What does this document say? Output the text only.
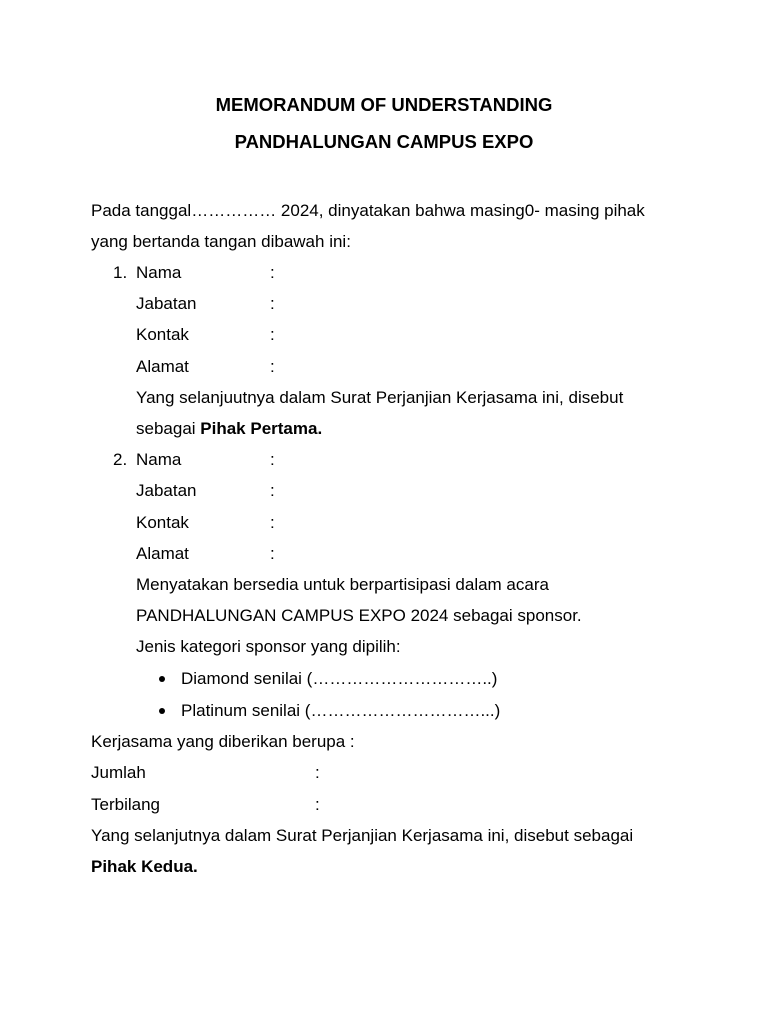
MEMORANDUM OF UNDERSTANDING
PANDHALUNGAN CAMPUS EXPO
Pada tanggal…………… 2024, dinyatakan bahwa masing0- masing pihak
yang bertanda tangan dibawah ini:
1. Nama	:
Jabatan	:
Kontak	:
Alamat	:
Yang selanjuutnya dalam Surat Perjanjian Kerjasama ini, disebut
sebagai Pihak Pertama.
2. Nama	:
Jabatan	:
Kontak	:
Alamat	:
Menyatakan bersedia untuk berpartisipasi dalam acara
PANDHALUNGAN CAMPUS EXPO 2024 sebagai sponsor.
Jenis kategori sponsor yang dipilih:
Diamond senilai (…………………………..)
Platinum senilai (…………………………...)
Kerjasama yang diberikan berupa :
Jumlah	:
Terbilang	:
Yang selanjutnya dalam Surat Perjanjian Kerjasama ini, disebut sebagai
Pihak Kedua.
